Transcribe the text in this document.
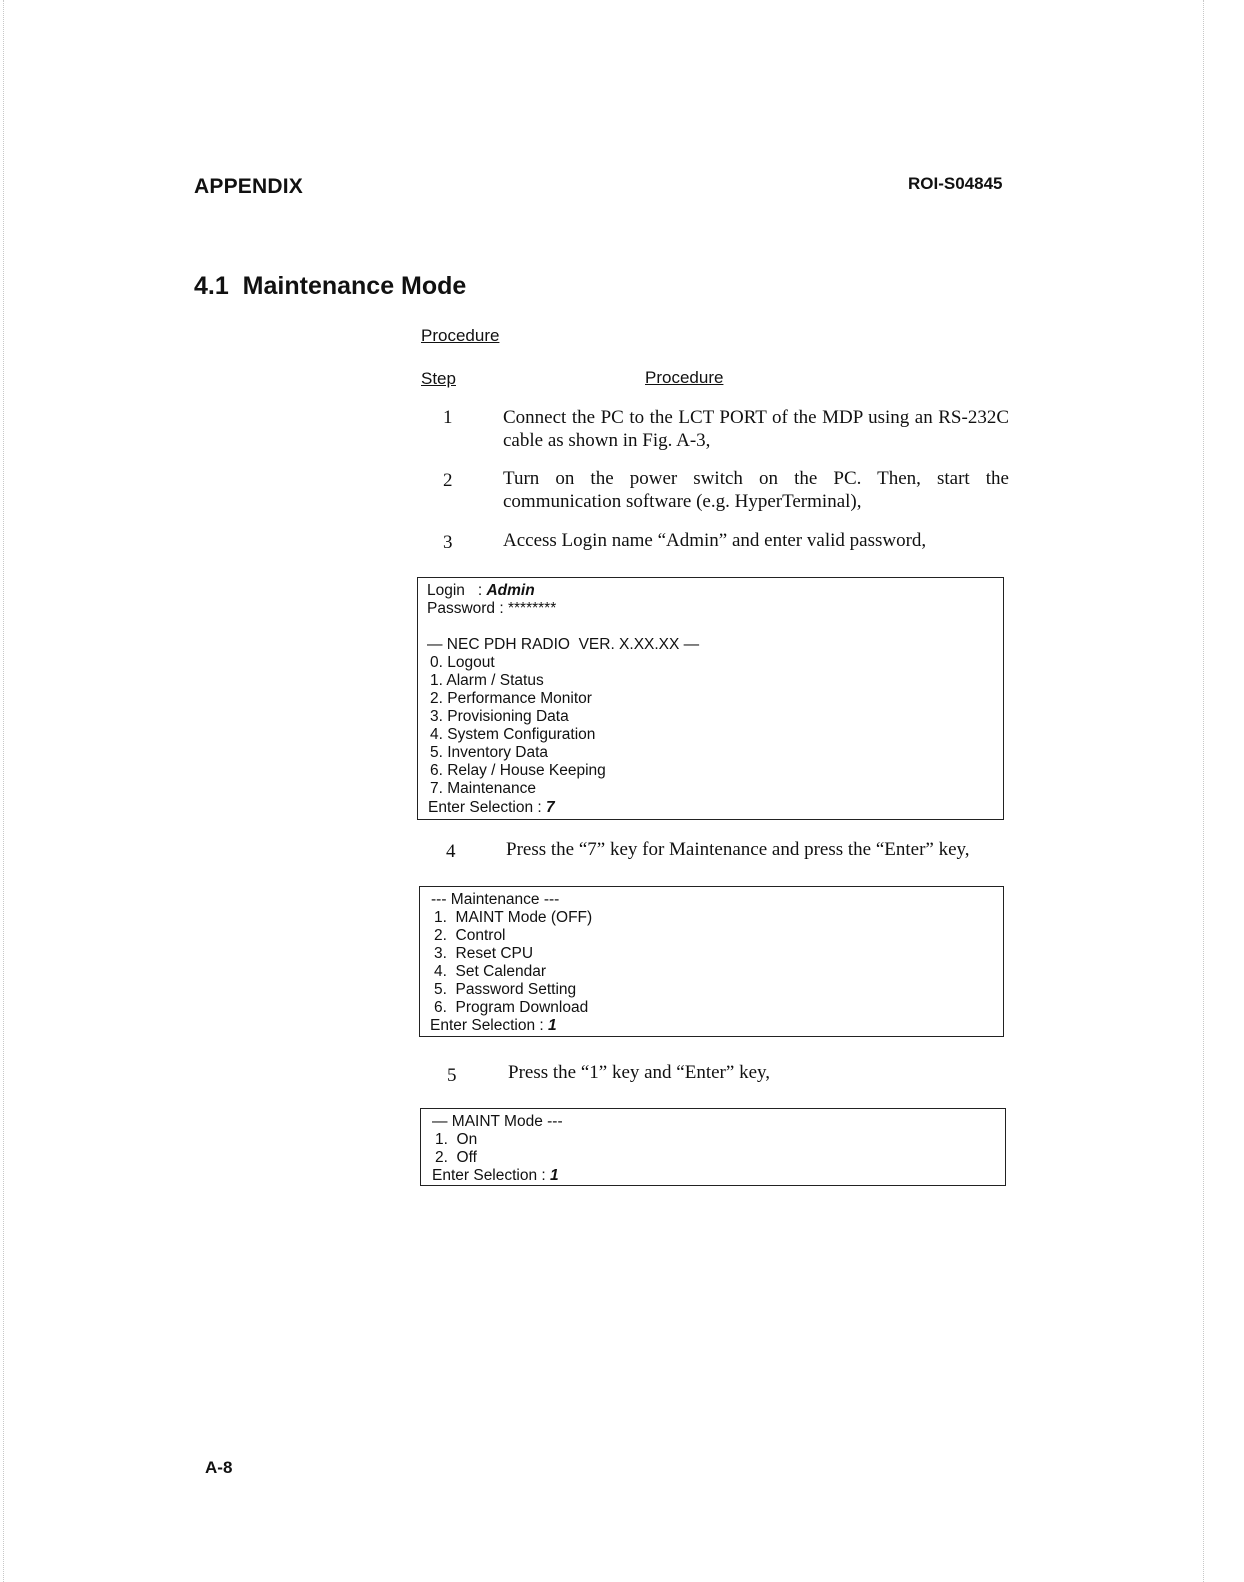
APPENDIX	ROI-S04845
4.1 Maintenance Mode
Procedure
Step	Procedure
1	Connect the PC to the LCT PORT of the MDP using an RS-232C cable as shown in Fig. A-3,
2	Turn on the power switch on the PC. Then, start the communication software (e.g. HyperTerminal),
3	Access Login name “Admin” and enter valid password,
Login   : Admin
Password : ********
— NEC PDH RADIO  VER. X.XX.XX —
0. Logout
1. Alarm / Status
2. Performance Monitor
3. Provisioning Data
4. System Configuration
5. Inventory Data
6. Relay / House Keeping
7. Maintenance
Enter Selection : 7
4	Press the “7” key for Maintenance and press the “Enter” key,
--- Maintenance ---
1.  MAINT Mode (OFF)
2.  Control
3.  Reset CPU
4.  Set Calendar
5.  Password Setting
6.  Program Download
Enter Selection : 1
5	Press the “1” key and “Enter” key,
— MAINT Mode ---
1.  On
2.  Off
Enter Selection : 1
A-8
